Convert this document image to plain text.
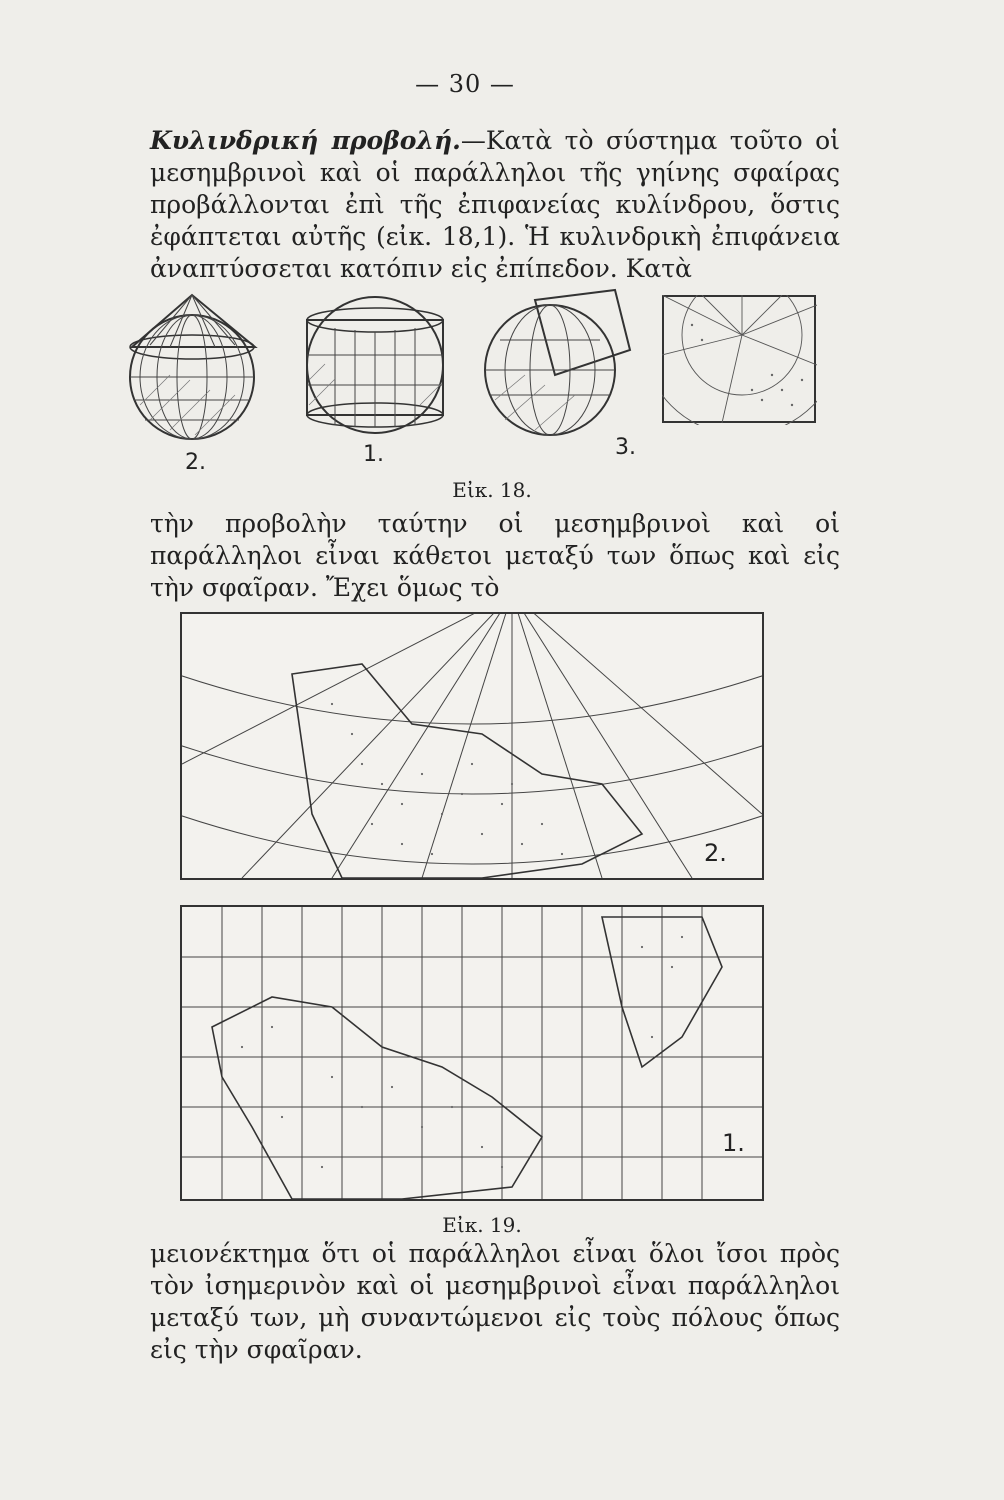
— 30 —
Κυλινδρική προβολή.—Κατὰ τὸ σύστημα τοῦτο οἱ μεσημβρινοὶ καὶ οἱ παράλληλοι τῆς γηίνης σφαίρας προβάλλονται ἐπὶ τῆς ἐπιφανείας κυλίνδρου, ὅστις ἐφάπτεται αὐτῆς (εἰκ. 18,1). Ἡ κυλινδρικὴ ἐπιφάνεια ἀναπτύσσεται κατόπιν εἰς ἐπίπεδον. Κατὰ
2.	1.	3.
Εἰκ. 18.
τὴν προβολὴν ταύτην οἱ μεσημβρινοὶ καὶ οἱ παράλληλοι εἶναι κάθετοι μεταξύ των ὅπως καὶ εἰς τὴν σφαῖραν. Ἔχει ὅμως τὸ
2.
1.
Εἰκ. 19.
μειονέκτημα ὅτι οἱ παράλληλοι εἶναι ὅλοι ἴσοι πρὸς τὸν ἰσημερινὸν καὶ οἱ μεσημβρινοὶ εἶναι παράλληλοι μεταξύ των, μὴ συναντώμενοι εἰς τοὺς πόλους ὅπως εἰς τὴν σφαῖραν.
